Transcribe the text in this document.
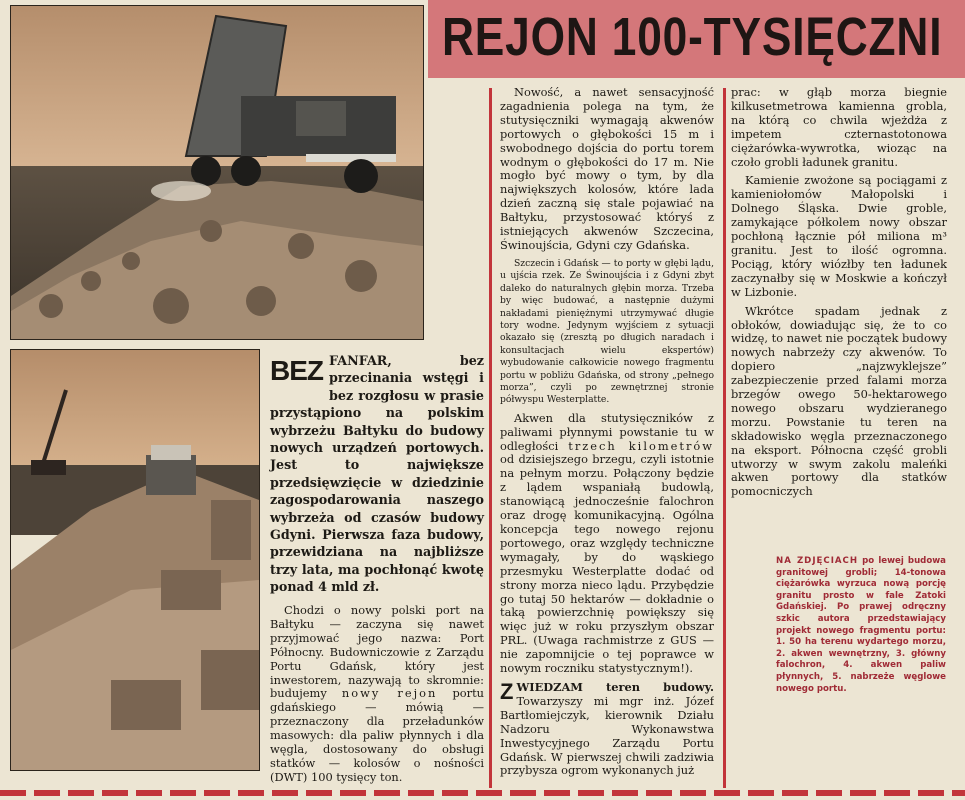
REJON 100-TYSIĘCZNI
BEZ FANFAR,	bez przecinania wstęgi i bez rozgłosu w prasie przystąpiono na polskim wybrzeżu Bałtyku do budowy nowych urządzeń portowych. Jest to największe przedsięwzięcie w dziedzinie zagospodarowania naszego wybrzeża od czasów budowy Gdyni. Pierwsza faza budowy, przewidziana na najbliższe trzy lata, ma pochłonąć kwotę ponad 4 mld zł.

Chodzi o nowy polski port na Bałtyku — zaczyna się nawet przyjmować jego nazwa: Port Północny. Budowniczowie z Zarządu Portu Gdańsk, który jest inwestorem, nazywają to skromnie: budujemy nowy rejon portu gdańskiego — mówią — przeznaczony dla przeładunków masowych: dla paliw płynnych i dla węgla, dostosowany do obsługi statków — kolosów o nośności (DWT) 100 tysięcy ton.

Nowość, a nawet sensacyjność zagadnienia polega na tym, że stutysięczniki wymagają akwenów portowych o głębokości 15 m i swobodnego dojścia do portu torem wodnym o głębokości do 17 m. Nie mogło być mowy o tym, by dla największych kolosów, które lada dzień zaczną się stale pojawiać na Bałtyku, przystosować któryś z istniejących akwenów Szczecina, Świnoujścia, Gdyni czy Gdańska.

Szczecin i Gdańsk — to porty w głębi lądu, u ujścia rzek. Ze Świnoujścia i z Gdyni zbyt daleko do naturalnych głębin morza. Trzeba by więc budować, a następnie dużymi nakładami pieniężnymi utrzymywać długie tory wodne. Jedynym wyjściem z sytuacji okazało się (zresztą po długich naradach i konsultacjach wielu ekspertów) wybudowanie całkowicie nowego fragmentu portu w pobliżu Gdańska, od strony „pełnego morza”, czyli po zewnętrznej stronie półwyspu Westerplatte.

Akwen dla stutysięczników z paliwami płynnymi powstanie tu w odległości trzech kilometrów od dzisiejszego brzegu, czyli istotnie na pełnym morzu. Połączony będzie z lądem wspaniałą budowlą, stanowiącą jednocześnie falochron oraz drogę komunikacyjną. Ogólna koncepcja tego nowego rejonu portowego, oraz względy techniczne wymagały, by do wąskiego przesmyku Westerplatte dodać od strony morza nieco lądu. Przybędzie go tutaj 50 hektarów — dokładnie o taką powierzchnię powiększy się więc już w roku przyszłym obszar PRL. (Uwaga rachmistrze z GUS — nie zapomnijcie o tej poprawce w nowym roczniku statystycznym!).

Z WIEDZAM teren budowy. Towarzyszy mi mgr inż. Józef Bartłomiejczyk, kierownik Działu Nadzoru Wykonawstwa Inwestycyjnego Zarządu Portu Gdańsk. W pierwszej chwili zadziwia przybysza ogrom wykonanych już

prac: w głąb morza biegnie kilkusetmetrowa kamienna grobla, na którą co chwila wjeżdża z impetem czternastotonowa ciężarówka-wywrotka, wioząc na czoło grobli ładunek granitu.

Kamienie zwożone są pociągami z kamieniołomów Małopolski i Dolnego Śląska. Dwie groble, zamykające półkolem nowy obszar pochłoną łącznie pół miliona m³ granitu. Jest to ilość ogromna. Pociąg, który wiózłby ten ładunek zaczynałby się w Moskwie a kończył w Lizbonie.

Wkrótce spadam jednak z obłoków, dowiadując się, że to co widzę, to nawet nie początek budowy nowych nabrzeży czy akwenów. To dopiero „najzwyklejsze” zabezpieczenie przed falami morza brzegów owego 50-hektarowego nowego obszaru wydzieranego morzu. Powstanie tu teren na składowisko węgla przeznaczonego na eksport. Północna część grobli utworzy w swym zakolu maleńki akwen portowy dla statków pomocniczych

NA ZDJĘCIACH po lewej budowa granitowej grobli; 14-tonowa ciężarówka wyrzuca nową porcję granitu prosto w fale Zatoki Gdańskiej. Po prawej odręczny szkic autora przedstawiający projekt nowego fragmentu portu: 1. 50 ha terenu wydartego morzu, 2. akwen wewnętrzny, 3. główny falochron, 4. akwen paliw płynnych, 5. nabrzeże węglowe nowego portu.
